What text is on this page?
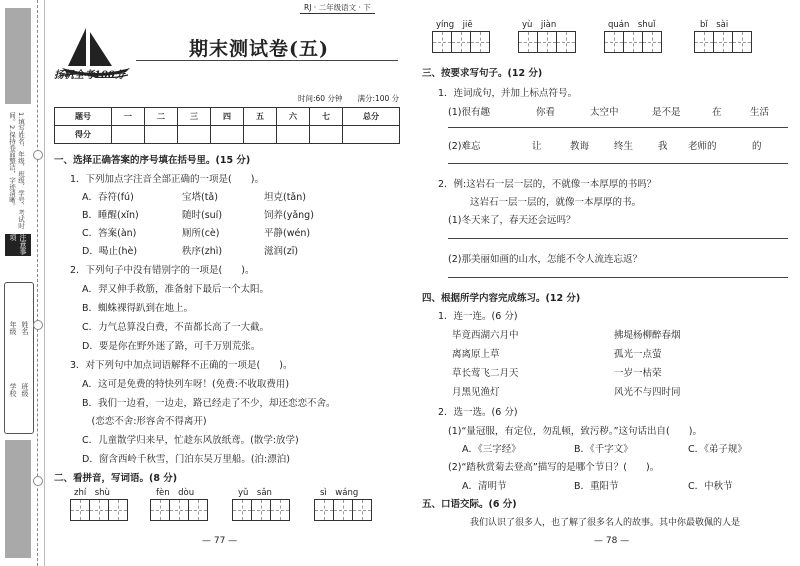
1.填写姓名、年级、班级、学号、考试时间。2.保持卷面整洁，字迹清晰。
注意事项
学校
年级
班级
姓名
RJ · 二年级语文 · 下
扬帆全考100分
期末测试卷(五)
时间:60 分钟　　满分:100 分
题号	一	二	三	四	五	六	七	总分
得分								
一、选择正确答案的序号填在括号里。(15 分)
1．下列加点字注音全部正确的一项是(　　)。
A．吞符(fú)	宝塔(tǎ)	坦克(tǎn)
B．睡醒(xǐn)	随时(suí)	饲养(yǎng)
C．答案(àn)	厕所(cè)	平静(wén)
D．喝止(hè)	秩序(zhì)	滋润(zī)
2．下列句子中没有错别字的一项是(　　)。
A．羿又伸手救筋，准备射下最后一个太阳。
B．蜘蛛裸得趴到在地上。
C．力气总算没白费，不苗都长高了一大截。
D．要是你在野外迷了路，可千万别荒张。
3．对下列句中加点词语解释不正确的一项是(　　)。
A．这可是免费的特快列车呀！(免费:不收取费用)
B．我们一边看，一边走，路已经走了不少，却还恋恋不舍。
　(恋恋不舍:形容舍不得离开)
C．儿童散学归来早，忙趁东风放纸鸢。(散学:放学)
D．窗含西岭千秋雪，门泊东吴万里船。(泊:漂泊)
二、看拼音，写词语。(8 分)
zhí　shù	fèn　dòu	yǔ　sǎn	sì　wáng
— 77 —
yíng　jiē	yù　jiàn	quán　shuǐ	bǐ　sài
三、按要求写句子。(12 分)
1．连词成句，并加上标点符号。
(1)很有趣	你看	太空中	是不是	在	生活
(2)难忘	让	教诲	终生	我 老师的	的
2．例:这岩石一层一层的，不就像一本厚厚的书吗？
这岩石一层一层的，就像一本厚厚的书。
(1)冬天来了，春天还会远吗？
(2)那美丽如画的山水，怎能不令人流连忘返？
四、根据所学内容完成练习。(12 分)
1．连一连。(6 分)
毕竟西湖六月中	拂堤杨柳醉春烟
离离原上草	孤光一点萤
草长莺飞二月天	一岁一枯荣
月黑见渔灯	风光不与四时同
2．选一选。(6 分)
(1)“量冠服，有定位，勿乱顿，致污秽。”这句话出自(　　)。
A．《三字经》	B．《千字文》	C．《弟子规》
(2)“踏秋赏菊去登高”描写的是哪个节日？(　　)。
A．清明节	B．重阳节	C．中秋节
五、口语交际。(6 分)
我们认识了很多人，也了解了很多名人的故事。其中你最敬佩的人是
— 78 —
